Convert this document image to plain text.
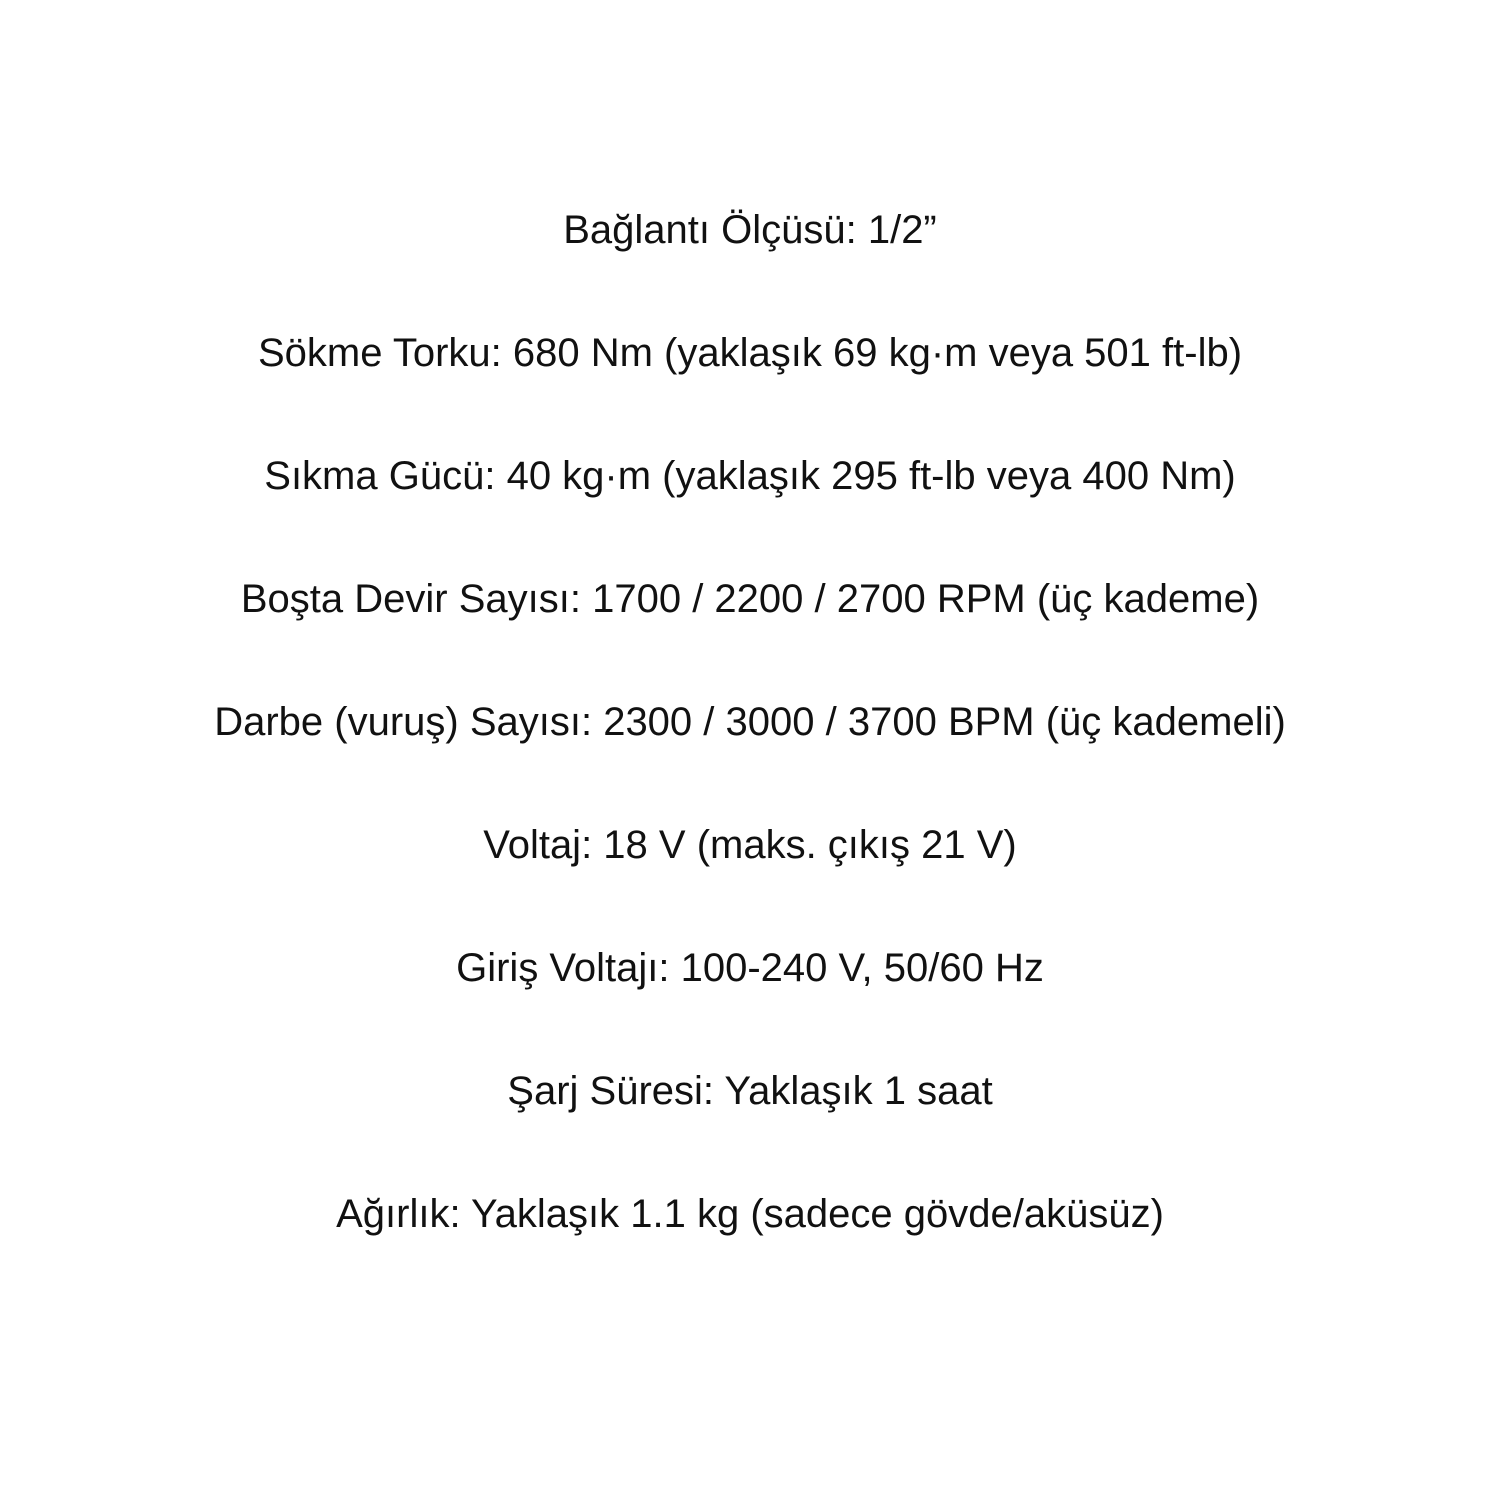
Bağlantı Ölçüsü: 1/2”
Sökme Torku: 680 Nm (yaklaşık 69 kg·m veya 501 ft-lb)
Sıkma Gücü: 40 kg·m (yaklaşık 295 ft-lb veya 400 Nm)
Boşta Devir Sayısı: 1700 / 2200 / 2700 RPM (üç kademe)
Darbe (vuruş) Sayısı: 2300 / 3000 / 3700 BPM (üç kademeli)
Voltaj: 18 V (maks. çıkış 21 V)
Giriş Voltajı: 100-240 V, 50/60 Hz
Şarj Süresi: Yaklaşık 1 saat
Ağırlık: Yaklaşık 1.1 kg (sadece gövde/aküsüz)
